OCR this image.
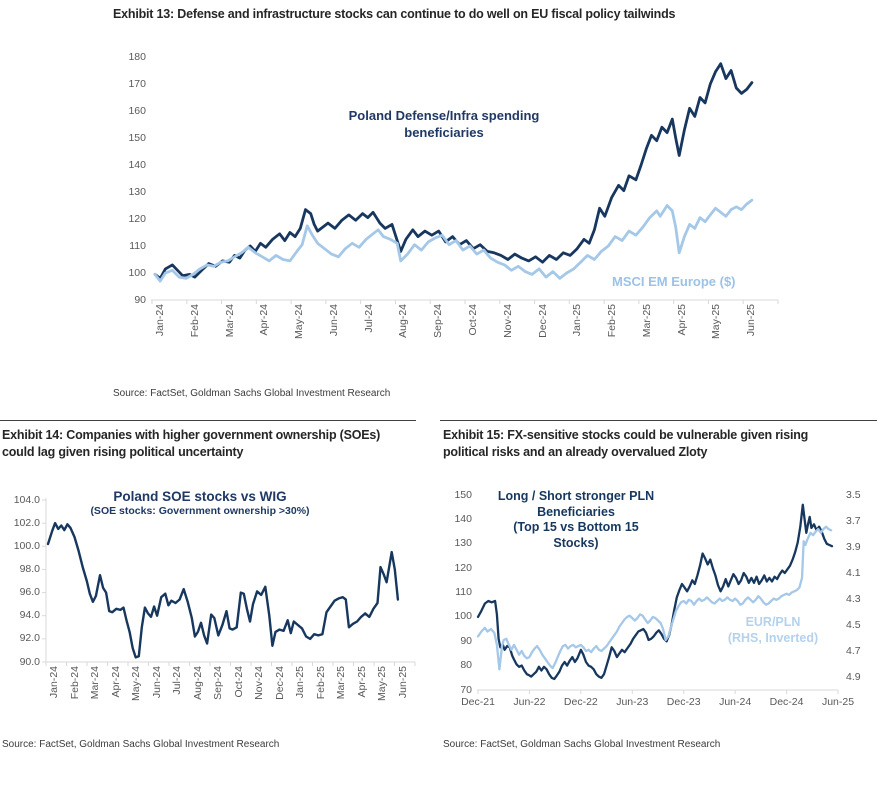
Exhibit 13: Defense and infrastructure stocks can continue to do well on EU fiscal policy tailwinds
Poland Defense/Infra spending
beneficiaries
MSCI EM Europe ($)
Source: FactSet, Goldman Sachs Global Investment Research
Exhibit 14: Companies with higher government ownership (SOEs)
could lag given rising political uncertainty
Poland SOE stocks vs WIG
(SOE stocks: Government ownership >30%)
Source: FactSet, Goldman Sachs Global Investment Research
Exhibit 15: FX-sensitive stocks could be vulnerable given rising
political risks and an already overvalued Zloty
Long / Short stronger PLN
Beneficiaries
(Top 15 vs Bottom 15
Stocks)
EUR/PLN
(RHS, Inverted)
Source: FactSet, Goldman Sachs Global Investment Research
90
100
110
120
130
140
150
160
170
180
Jan-24 Feb-24 Mar-24 Apr-24 May-24 Jun-24 Jul-24 Aug-24 Sep-24 Oct-24 Nov-24 Dec-24 Jan-25 Feb-25 Mar-25 Apr-25 May-25 Jun-25
90.0
92.0
94.0
96.0
98.0
100.0
102.0
104.0
Jan-24 Feb-24 Mar-24 Apr-24 May-24 Jun-24 Jul-24 Aug-24 Sep-24 Oct-24 Nov-24 Dec-24 Jan-25 Feb-25 Mar-25 Apr-25 May-25 Jun-25	70
80
90
100
110
120
130
140
150	3.5
3.7
3.9
4.1
4.3
4.5
4.7
4.9
Dec-21	Jun-22	Dec-22	Jun-23	Dec-23	Jun-24	Dec-24	Jun-25
